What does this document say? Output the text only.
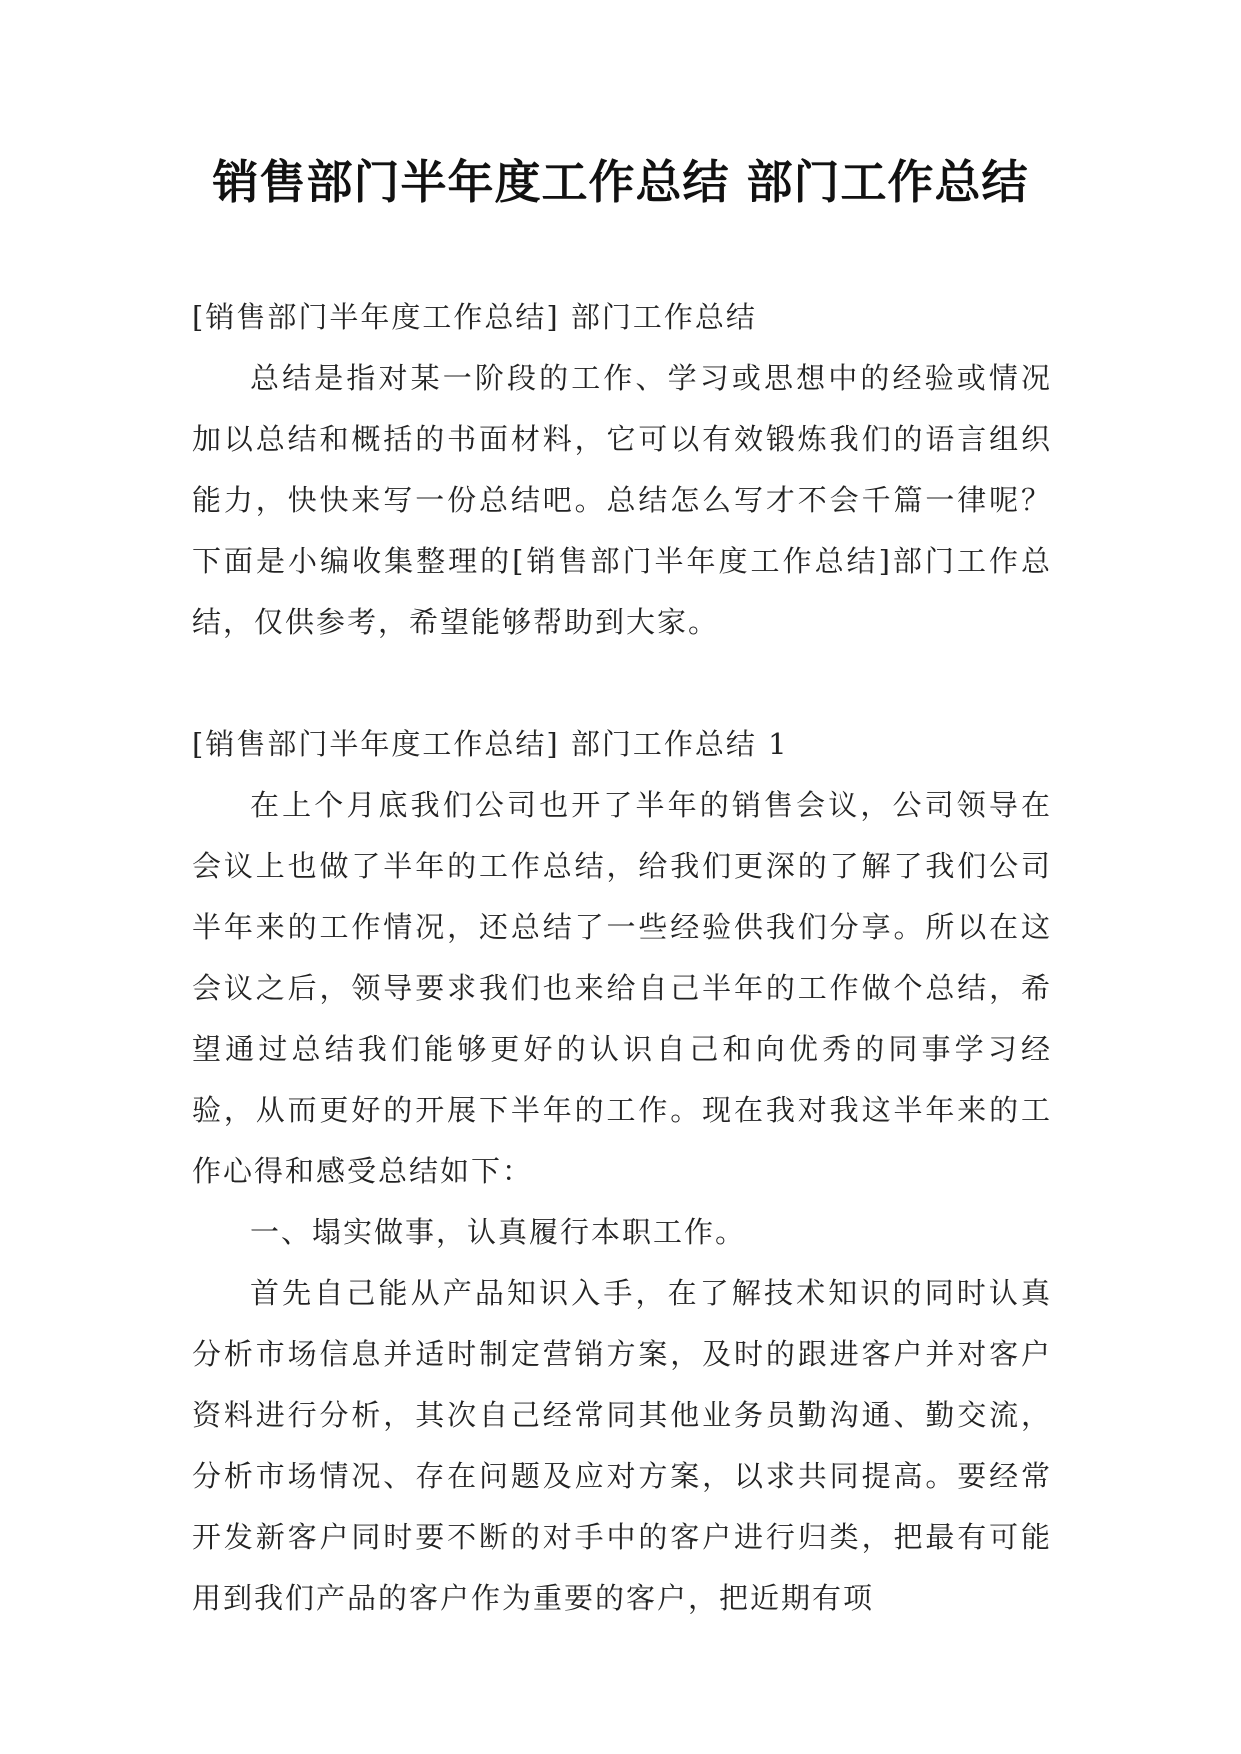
销售部门半年度工作总结 部门工作总结

[销售部门半年度工作总结] 部门工作总结

总结是指对某一阶段的工作、学习或思想中的经验或情况加以总结和概括的书面材料，它可以有效锻炼我们的语言组织能力，快快来写一份总结吧。总结怎么写才不会千篇一律呢？下面是小编收集整理的[销售部门半年度工作总结]部门工作总结，仅供参考，希望能够帮助到大家。

[销售部门半年度工作总结] 部门工作总结 1

在上个月底我们公司也开了半年的销售会议，公司领导在会议上也做了半年的工作总结，给我们更深的了解了我们公司半年来的工作情况，还总结了一些经验供我们分享。所以在这会议之后，领导要求我们也来给自己半年的工作做个总结，希望通过总结我们能够更好的认识自己和向优秀的同事学习经验，从而更好的开展下半年的工作。现在我对我这半年来的工作心得和感受总结如下：

一、塌实做事，认真履行本职工作。

首先自己能从产品知识入手，在了解技术知识的同时认真分析市场信息并适时制定营销方案，及时的跟进客户并对客户资料进行分析，其次自己经常同其他业务员勤沟通、勤交流，分析市场情况、存在问题及应对方案，以求共同提高。要经常开发新客户同时要不断的对手中的客户进行归类，把最有可能用到我们产品的客户作为重要的客户，把近期有项
